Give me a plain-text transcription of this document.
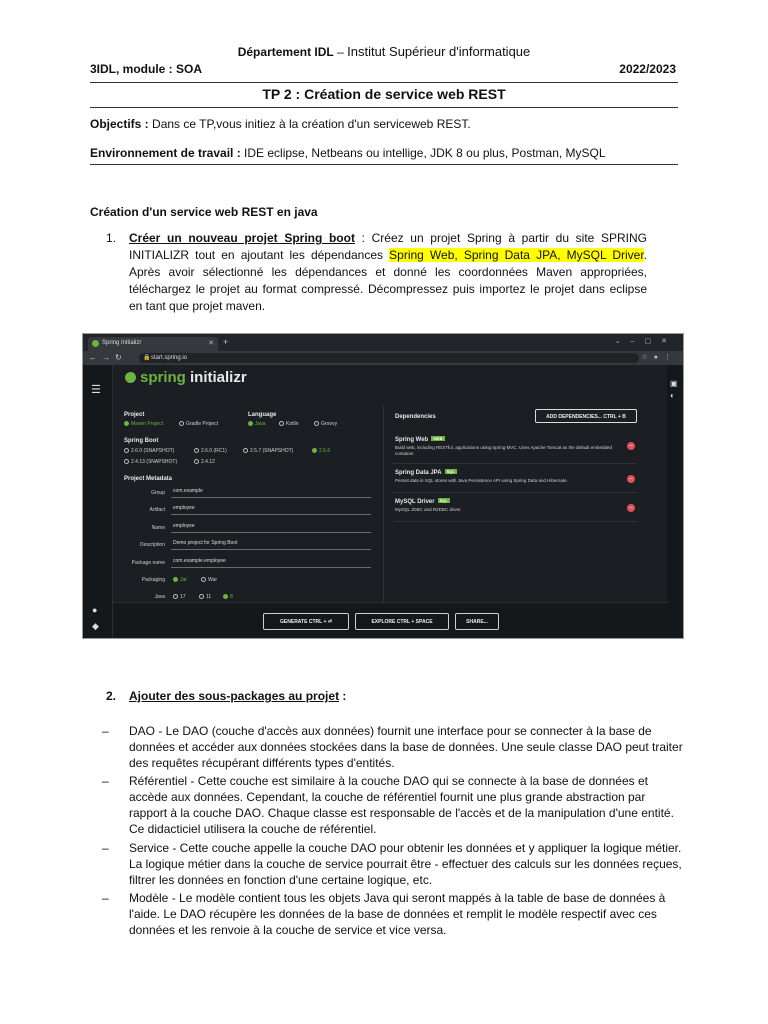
Département IDL – Institut Supérieur d'informatique
3IDL, module : SOA	2022/2023
TP 2 : Création de service web REST
Objectifs : Dans ce TP,vous initiez à la création d'un serviceweb REST.
Environnement de travail : IDE eclipse, Netbeans ou intellige, JDK 8 ou plus, Postman, MySQL
Création d'un service web REST en java
1. Créer un nouveau projet Spring boot : Créez un projet Spring à partir du site SPRING INITIALIZR tout en ajoutant les dépendances Spring Web, Spring Data JPA, MySQL Driver. Après avoir sélectionné les dépendances et donné les coordonnées Maven appropriées, téléchargez le projet au format compressé. Décompressez puis importez le projet dans eclipse en tant que projet maven.
Spring Initializr	✕ +	⌄–▢✕
←→↻	🔒 start.spring.io	☆●⋮
☰
●
◆
▣
◐
spring initializr
Project
Maven Project	Gradle Project
Language
Java	Kotlin	Groovy
Spring Boot
2.6.0 (SNAPSHOT)	2.6.0 (RC1)	2.5.7 (SNAPSHOT)	2.5.6
2.4.13 (SNAPSHOT)	2.4.12
Project Metadata
Group	com.example
Artifact	employee
Name	employee
Description	Demo project for Spring Boot
Package name	com.example.employee
Packaging	Jar	War
Java	17	11	8
Dependencies	ADD DEPENDENCIES... CTRL + B
Spring Web WEB
Build web, including RESTful, applications using Spring MVC. Uses Apache Tomcat as the default embedded container.
–
Spring Data JPA SQL
Persist data in SQL stores with Java Persistence API using Spring Data and Hibernate.	–
MySQL Driver SQL
MySQL JDBC and R2DBC driver.	–
GENERATE CTRL + ⏎	EXPLORE CTRL + SPACE	SHARE...
2. Ajouter des sous-packages au projet :
– DAO - Le DAO (couche d'accès aux données) fournit une interface pour se connecter à la base de données et accéder aux données stockées dans la base de données. Une seule classe DAO peut traiter des requêtes récupérant différents types d'entités.
– Référentiel - Cette couche est similaire à la couche DAO qui se connecte à la base de données et accède aux données. Cependant, la couche de référentiel fournit une plus grande abstraction par rapport à la couche DAO. Chaque classe est responsable de l'accès et de la manipulation d'une entité. Ce didacticiel utilisera la couche de référentiel.
– Service - Cette couche appelle la couche DAO pour obtenir les données et y appliquer la logique métier. La logique métier dans la couche de service pourrait être - effectuer des calculs sur les données reçues, filtrer les données en fonction d'une certaine logique, etc.
– Modèle - Le modèle contient tous les objets Java qui seront mappés à la table de base de données à l'aide. Le DAO récupère les données de la base de données et remplit le modèle respectif avec ces données et les renvoie à la couche de service et vice versa.
